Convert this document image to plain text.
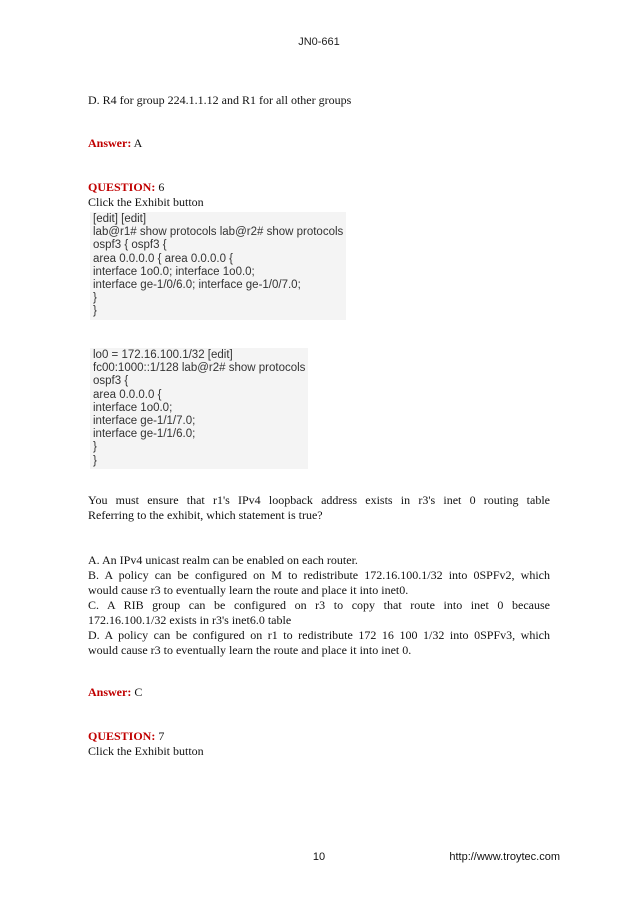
JN0-661
D. R4 for group 224.1.1.12 and R1 for all other groups
Answer: A
QUESTION: 6
Click the Exhibit button
[edit] [edit]
lab@r1# show protocols lab@r2# show protocols
ospf3 { ospf3 {
area 0.0.0.0 { area 0.0.0.0 {
interface 1o0.0; interface 1o0.0;
interface ge-1/0/6.0; interface ge-1/0/7.0;
}
}
lo0 = 172.16.100.1/32 [edit]
fc00:1000::1/128 lab@r2# show protocols
ospf3 {
area 0.0.0.0 {
interface 1o0.0;
interface ge-1/1/7.0;
interface ge-1/1/6.0;
}
}
You must ensure that r1's IPv4 loopback address exists in r3's inet 0 routing table
Referring to the exhibit, which statement is true?
A. An IPv4 unicast realm can be enabled on each router.
B. A policy can be configured on M to redistribute 172.16.100.1/32 into 0SPFv2, which
would cause r3 to eventually learn the route and place it into inet0.
C. A RIB group can be configured on r3 to copy that route into inet 0 because
172.16.100.1/32 exists in r3's inet6.0 table
D. A policy can be configured on r1 to redistribute 172 16 100 1/32 into 0SPFv3, which
would cause r3 to eventually learn the route and place it into inet 0.
Answer: C
QUESTION: 7
Click the Exhibit button
10	http://www.troytec.com
